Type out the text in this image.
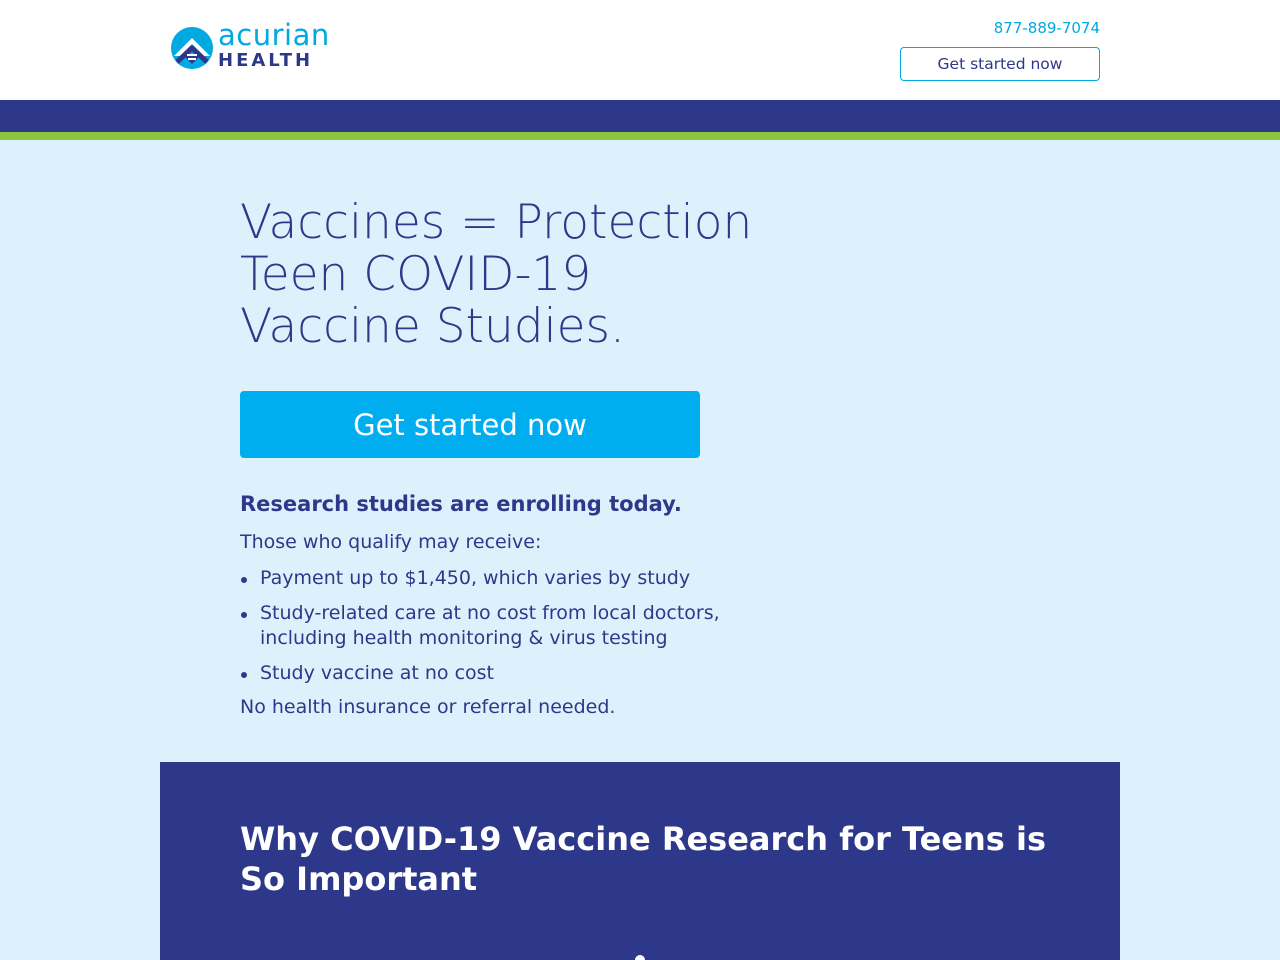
acurian
HEALTH
877-889-7074
Get started now
Vaccines = Protection
Teen COVID-19
Vaccine Studies.
Get started now
Research studies are enrolling today.
Those who qualify may receive:
Payment up to $1,450, which varies by study
Study-related care at no cost from local doctors,
including health monitoring & virus testing
Study vaccine at no cost
No health insurance or referral needed.
Why COVID-19 Vaccine Research for Teens is So Important
